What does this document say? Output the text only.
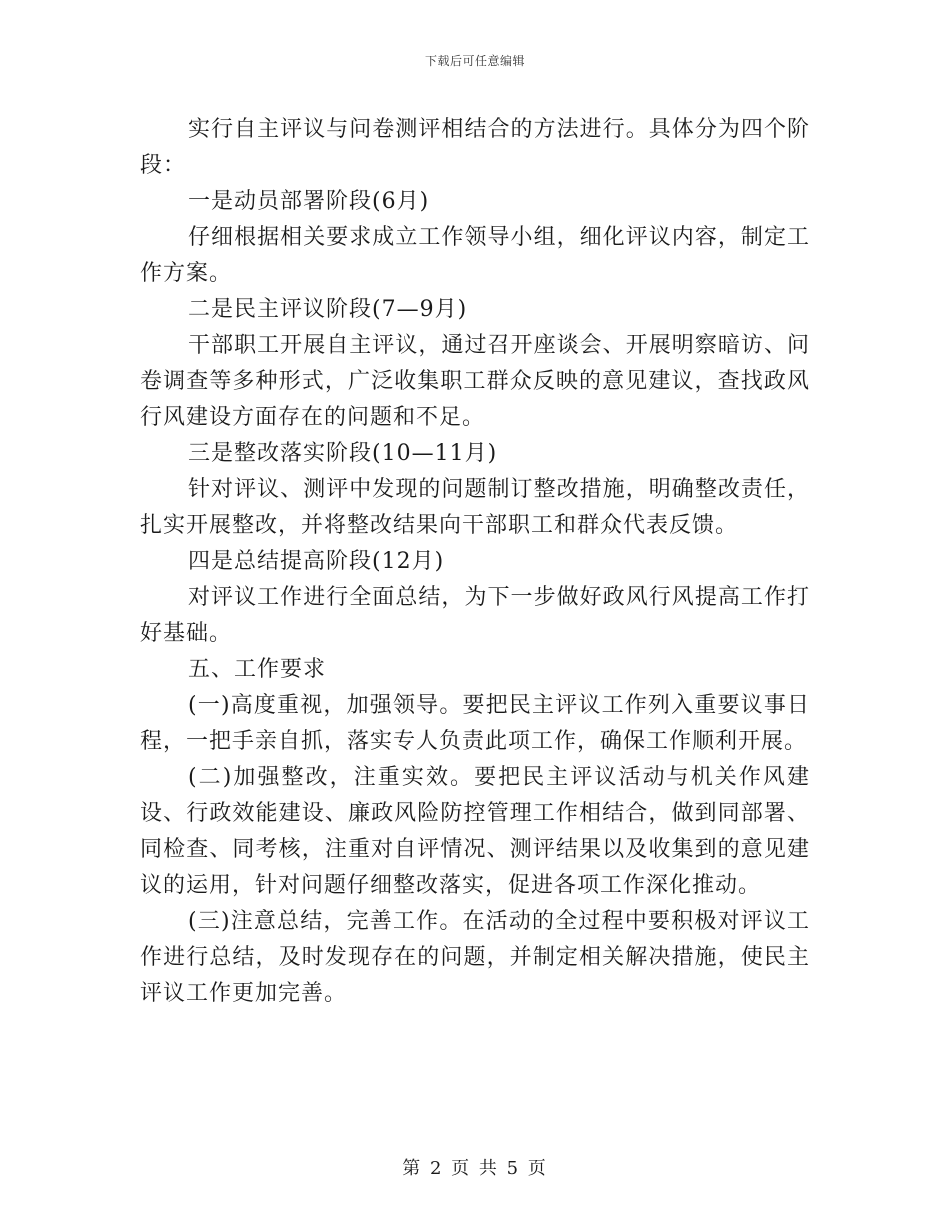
下载后可任意编辑

实行自主评议与问卷测评相结合的方法进行。具体分为四个阶段：

一是动员部署阶段(6月)

仔细根据相关要求成立工作领导小组，细化评议内容，制定工作方案。

二是民主评议阶段(7—9月)

干部职工开展自主评议，通过召开座谈会、开展明察暗访、问卷调查等多种形式，广泛收集职工群众反映的意见建议，查找政风行风建设方面存在的问题和不足。

三是整改落实阶段(10—11月)

针对评议、测评中发现的问题制订整改措施，明确整改责任，扎实开展整改，并将整改结果向干部职工和群众代表反馈。

四是总结提高阶段(12月)

对评议工作进行全面总结，为下一步做好政风行风提高工作打好基础。

五、工作要求

(一)高度重视，加强领导。要把民主评议工作列入重要议事日程，一把手亲自抓，落实专人负责此项工作，确保工作顺利开展。

(二)加强整改，注重实效。要把民主评议活动与机关作风建设、行政效能建设、廉政风险防控管理工作相结合，做到同部署、同检查、同考核，注重对自评情况、测评结果以及收集到的意见建议的运用，针对问题仔细整改落实，促进各项工作深化推动。

(三)注意总结，完善工作。在活动的全过程中要积极对评议工作进行总结，及时发现存在的问题，并制定相关解决措施，使民主评议工作更加完善。

第 2 页 共 5 页
